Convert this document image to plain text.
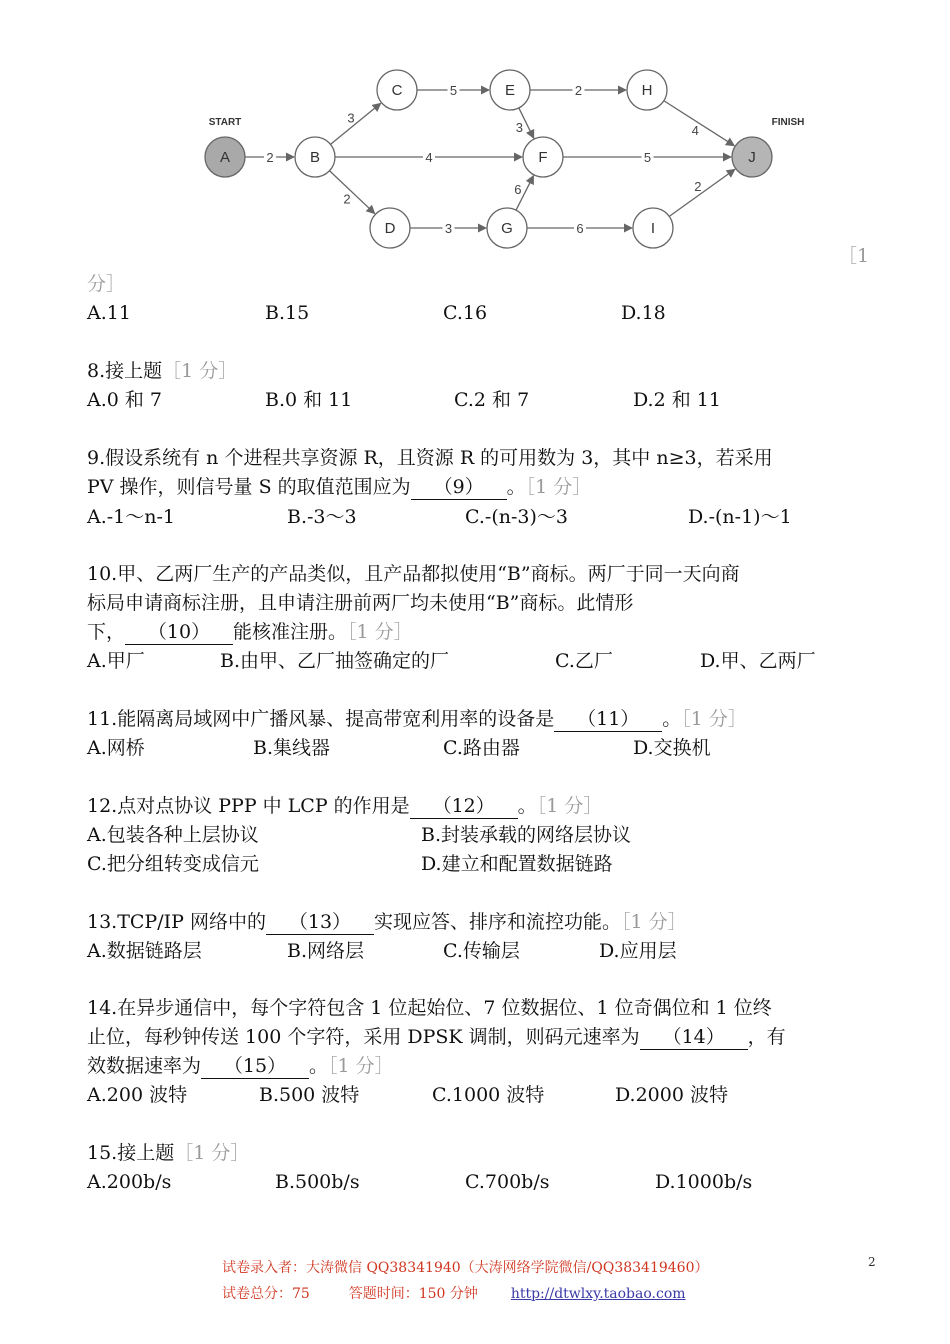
2
3
4
2
5	2
3	4
5
3
6
6
2
A	B
C
D
E
F
G
H
I
J
START	FINISH
［1
分］
A.11	B.15	C.16	D.18
8.接上题［1 分］
A.0 和 7	B.0 和 11	C.2 和 7	D.2 和 11
9.假设系统有 n 个进程共享资源 R，且资源 R 的可用数为 3，其中 n≥3，若采用
PV 操作，则信号量 S 的取值范围应为 （9） 。［1 分］
A.-1～n-1	B.-3～3	C.-(n-3)～3	D.-(n-1)～1
10.甲、乙两厂生产的产品类似，且产品都拟使用“B”商标。两厂于同一天向商
标局申请商标注册，且申请注册前两厂均未使用“B”商标。此情形
下， （10） 能核准注册。［1 分］
A.甲厂	B.由甲、乙厂抽签确定的厂	C.乙厂	D.甲、乙两厂
11.能隔离局域网中广播风暴、提高带宽利用率的设备是 （11） 。［1 分］
A.网桥	B.集线器	C.路由器	D.交换机
12.点对点协议 PPP 中 LCP 的作用是 （12） 。［1 分］
A.包装各种上层协议	B.封装承载的网络层协议
C.把分组转变成信元	D.建立和配置数据链路
13.TCP/IP 网络中的 （13） 实现应答、排序和流控功能。［1 分］
A.数据链路层	B.网络层	C.传输层	D.应用层
14.在异步通信中，每个字符包含 1 位起始位、7 位数据位、1 位奇偶位和 1 位终
止位，每秒钟传送 100 个字符，采用 DPSK 调制，则码元速率为 （14） ，有
效数据速率为 （15） 。［1 分］
A.200 波特	B.500 波特	C.1000 波特	D.2000 波特
15.接上题［1 分］
A.200b/s	B.500b/s	C.700b/s	D.1000b/s
试卷录入者：大涛微信 QQ38341940（大涛网络学院微信/QQ383419460）
试卷总分：75	答题时间：150 分钟 http://dtwlxy.taobao.com
2
